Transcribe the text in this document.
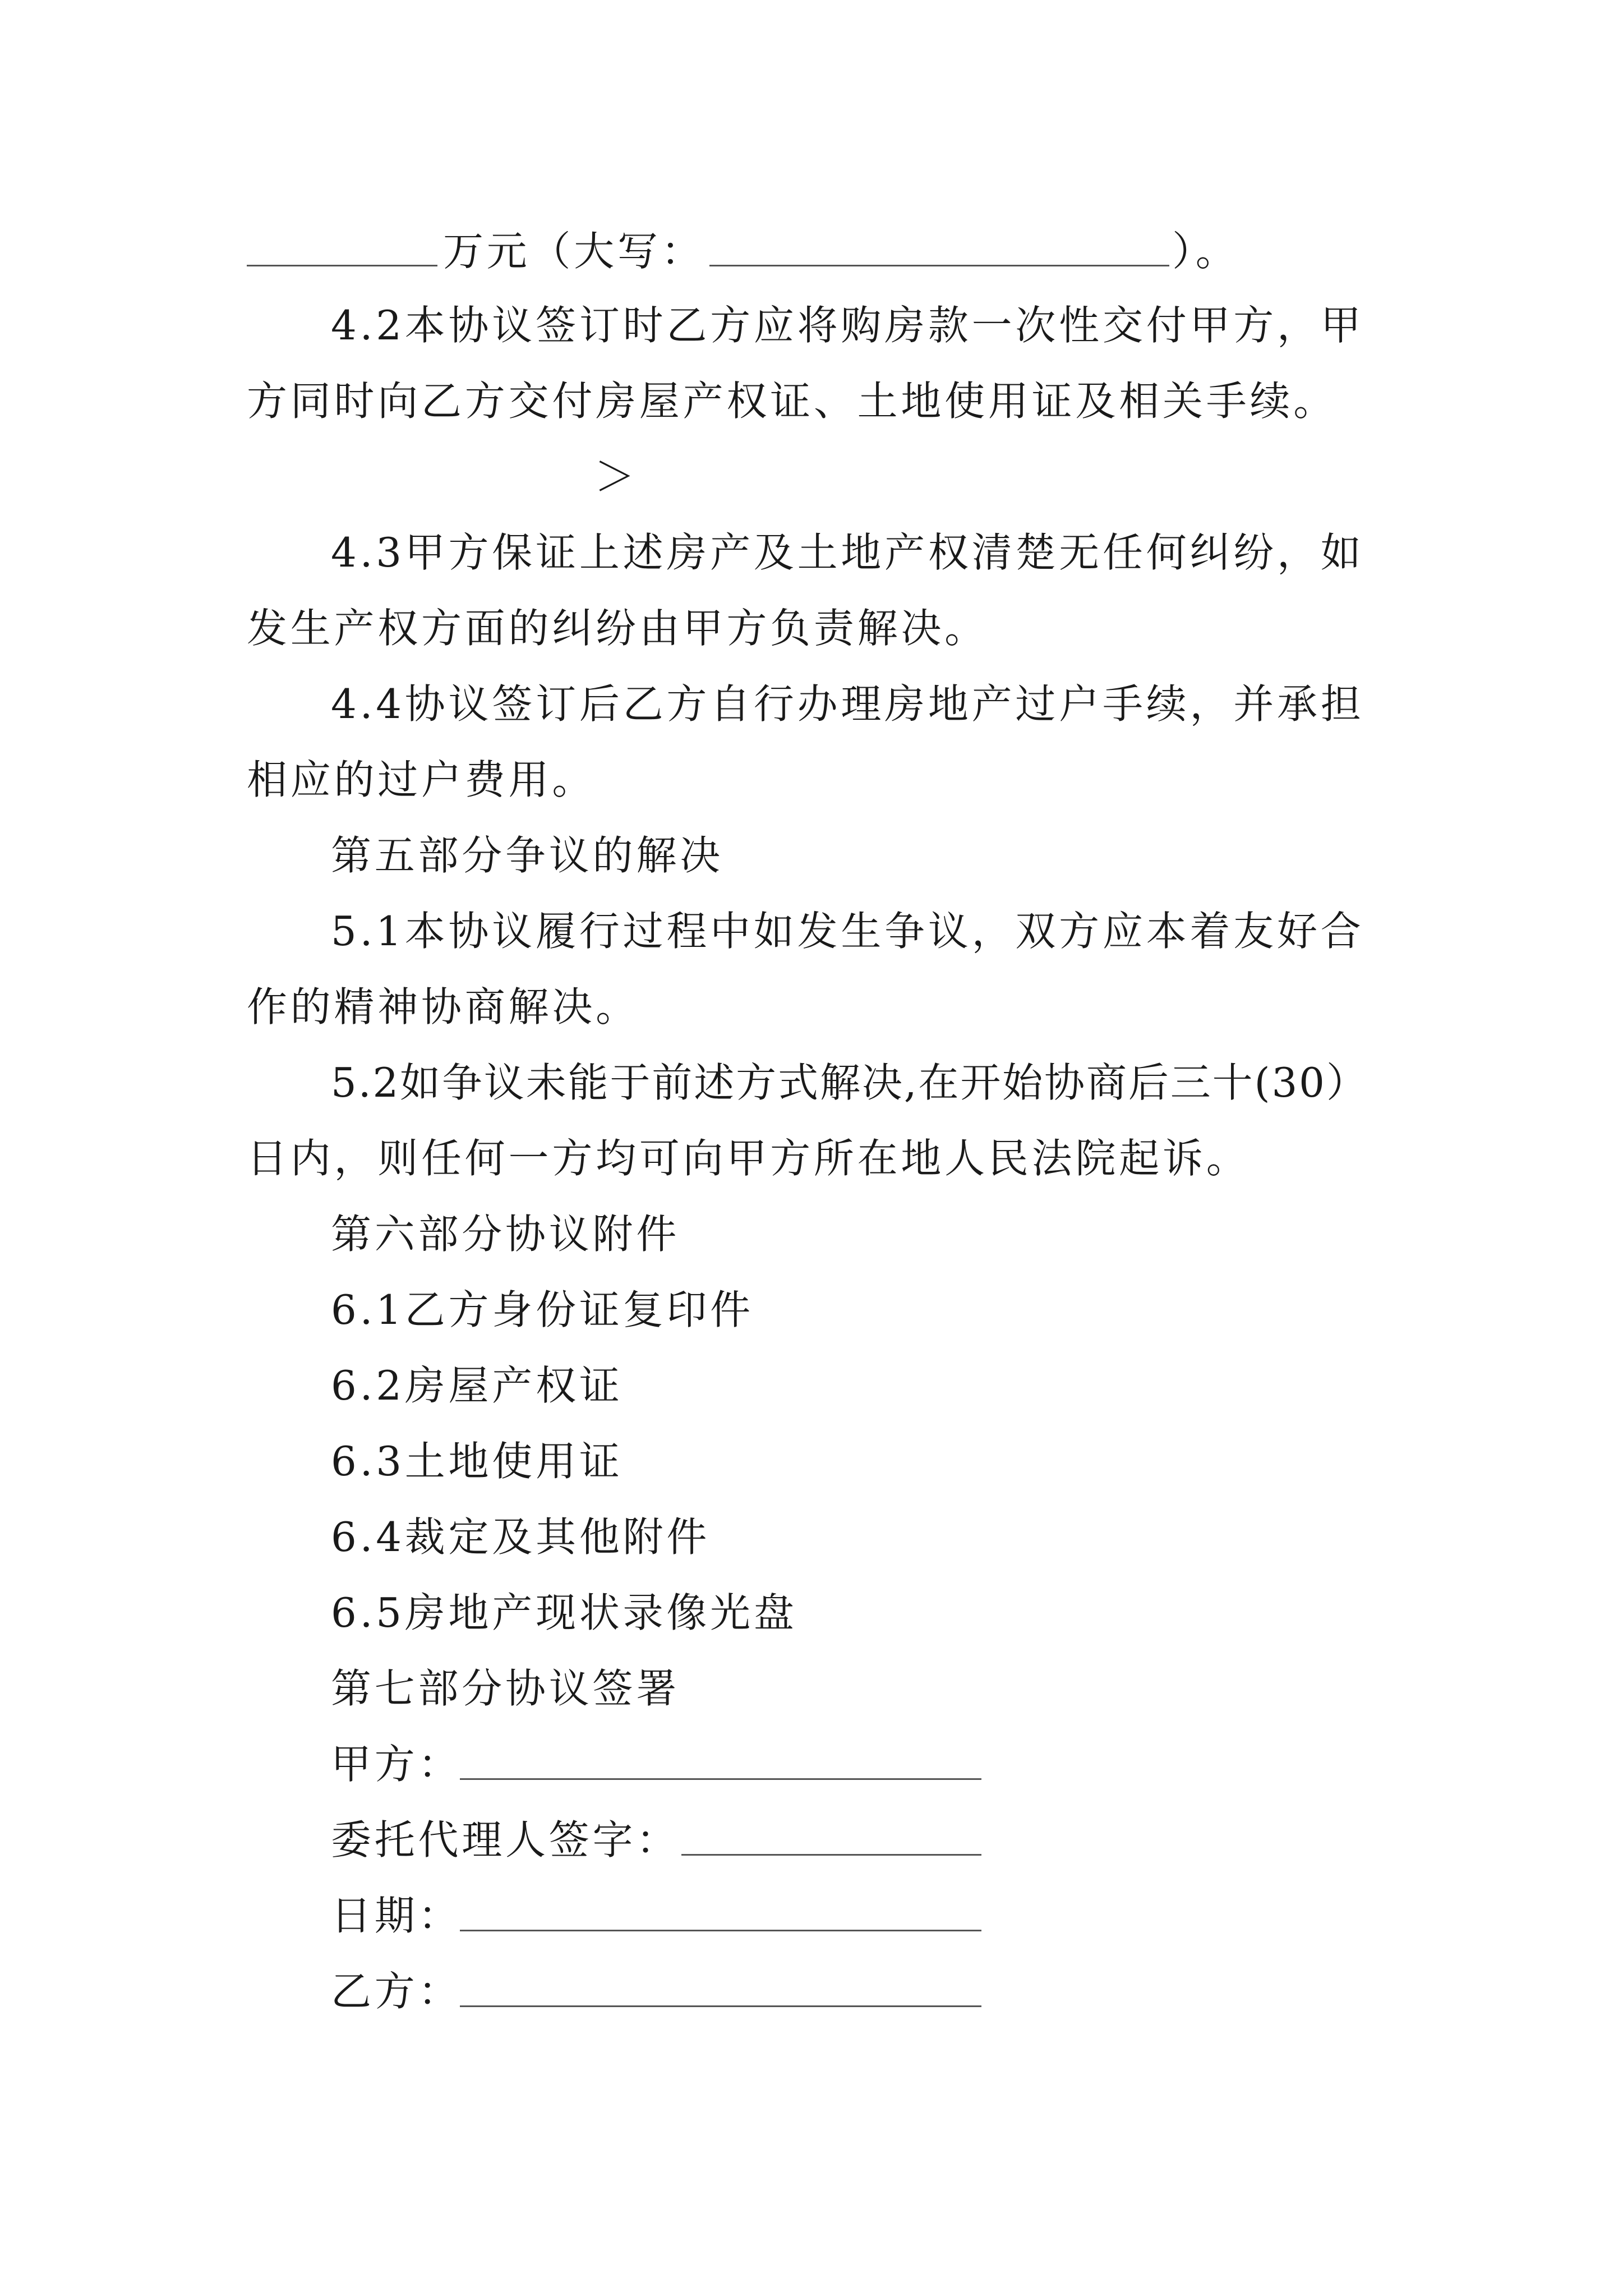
万元（大写：	）。
4.2本协议签订时乙方应将购房款一次性交付甲方，甲
方同时向乙方交付房屋产权证、土地使用证及相关手续。
＞
4.3甲方保证上述房产及土地产权清楚无任何纠纷，如
发生产权方面的纠纷由甲方负责解决。
4.4协议签订后乙方自行办理房地产过户手续，并承担
相应的过户费用。
第五部分争议的解决
5.1本协议履行过程中如发生争议，双方应本着友好合
作的精神协商解决。
5.2如争议未能于前述方式解决,在开始协商后三十(30）
日内，则任何一方均可向甲方所在地人民法院起诉。
第六部分协议附件
6.1乙方身份证复印件
6.2房屋产权证
6.3土地使用证
6.4裁定及其他附件
6.5房地产现状录像光盘
第七部分协议签署
甲方：
委托代理人签字：
日期：
乙方：
